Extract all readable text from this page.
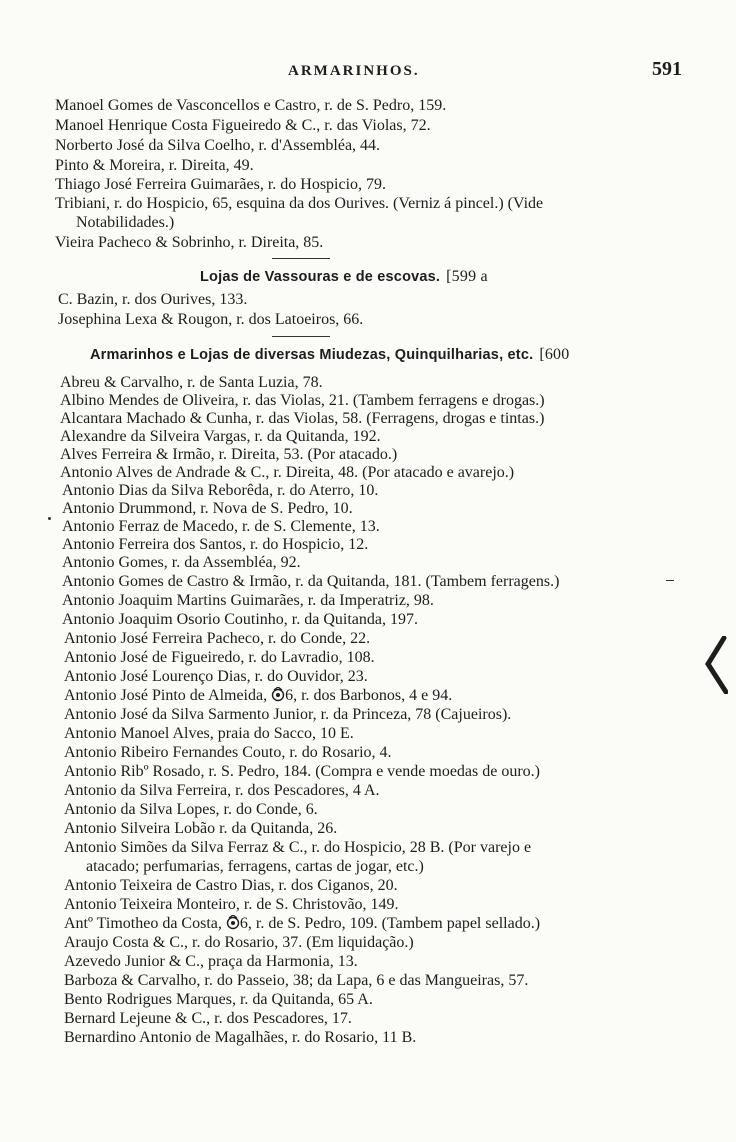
ARMARINHOS.	591
Manoel Gomes de Vasconcellos e Castro, r. de S. Pedro, 159.
Manoel Henrique Costa Figueiredo & C., r. das Violas, 72.
Norberto José da Silva Coelho, r. d'Assembléa, 44.
Pinto & Moreira, r. Direita, 49.
Thiago José Ferreira Guimarães, r. do Hospicio, 79.
Tribiani, r. do Hospicio, 65, esquina da dos Ourives. (Verniz á pincel.) (Vide
Notabilidades.)
Vieira Pacheco & Sobrinho, r. Direita, 85.
Lojas de Vassouras e de escovas. [599 a
C. Bazin, r. dos Ourives, 133.
Josephina Lexa & Rougon, r. dos Latoeiros, 66.
Armarinhos e Lojas de diversas Miudezas, Quinquilharias, etc. [600
Abreu & Carvalho, r. de Santa Luzia, 78.
Albino Mendes de Oliveira, r. das Violas, 21. (Tambem ferragens e drogas.)
Alcantara Machado & Cunha, r. das Violas, 58. (Ferragens, drogas e tintas.)
Alexandre da Silveira Vargas, r. da Quitanda, 192.
Alves Ferreira & Irmão, r. Direita, 53. (Por atacado.)
Antonio Alves de Andrade & C., r. Direita, 48. (Por atacado e avarejo.)
Antonio Dias da Silva Reborêda, r. do Aterro, 10.
Antonio Drummond, r. Nova de S. Pedro, 10.
Antonio Ferraz de Macedo, r. de S. Clemente, 13.
Antonio Ferreira dos Santos, r. do Hospicio, 12.
Antonio Gomes, r. da Assembléa, 92.
Antonio Gomes de Castro & Irmão, r. da Quitanda, 181. (Tambem ferragens.)
Antonio Joaquim Martins Guimarães, r. da Imperatriz, 98.
Antonio Joaquim Osorio Coutinho, r. da Quitanda, 197.
Antonio José Ferreira Pacheco, r. do Conde, 22.
Antonio José de Figueiredo, r. do Lavradio, 108.
Antonio José Lourenço Dias, r. do Ouvidor, 23.
Antonio José Pinto de Almeida, 6, r. dos Barbonos, 4 e 94.
Antonio José da Silva Sarmento Junior, r. da Princeza, 78 (Cajueiros).
Antonio Manoel Alves, praia do Sacco, 10 E.
Antonio Ribeiro Fernandes Couto, r. do Rosario, 4.
Antonio Ribº Rosado, r. S. Pedro, 184. (Compra e vende moedas de ouro.)
Antonio da Silva Ferreira, r. dos Pescadores, 4 A.
Antonio da Silva Lopes, r. do Conde, 6.
Antonio Silveira Lobão r. da Quitanda, 26.
Antonio Simões da Silva Ferraz & C., r. do Hospicio, 28 B. (Por varejo e
atacado; perfumarias, ferragens, cartas de jogar, etc.)
Antonio Teixeira de Castro Dias, r. dos Ciganos, 20.
Antonio Teixeira Monteiro, r. de S. Christovão, 149.
Antº Timotheo da Costa, 6, r. de S. Pedro, 109. (Tambem papel sellado.)
Araujo Costa & C., r. do Rosario, 37. (Em liquidação.)
Azevedo Junior & C., praça da Harmonia, 13.
Barboza & Carvalho, r. do Passeio, 38; da Lapa, 6 e das Mangueiras, 57.
Bento Rodrigues Marques, r. da Quitanda, 65 A.
Bernard Lejeune & C., r. dos Pescadores, 17.
Bernardino Antonio de Magalhães, r. do Rosario, 11 B.
